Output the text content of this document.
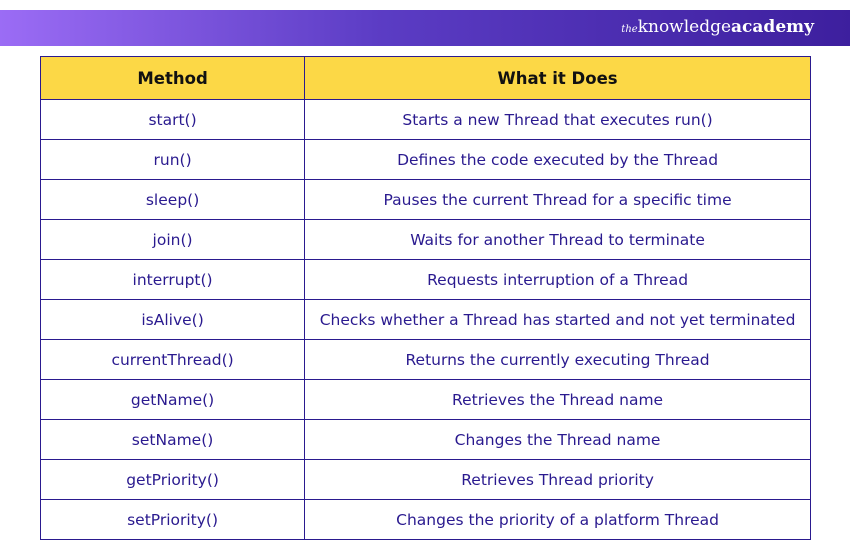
theknowledgeacademy
Method	What it Does
start()	Starts a new Thread that executes run()
run()	Defines the code executed by the Thread
sleep()	Pauses the current Thread for a specific time
join()	Waits for another Thread to terminate
interrupt()	Requests interruption of a Thread
isAlive()	Checks whether a Thread has started and not yet terminated
currentThread()	Returns the currently executing Thread
getName()	Retrieves the Thread name
setName()	Changes the Thread name
getPriority()	Retrieves Thread priority
setPriority()	Changes the priority of a platform Thread
